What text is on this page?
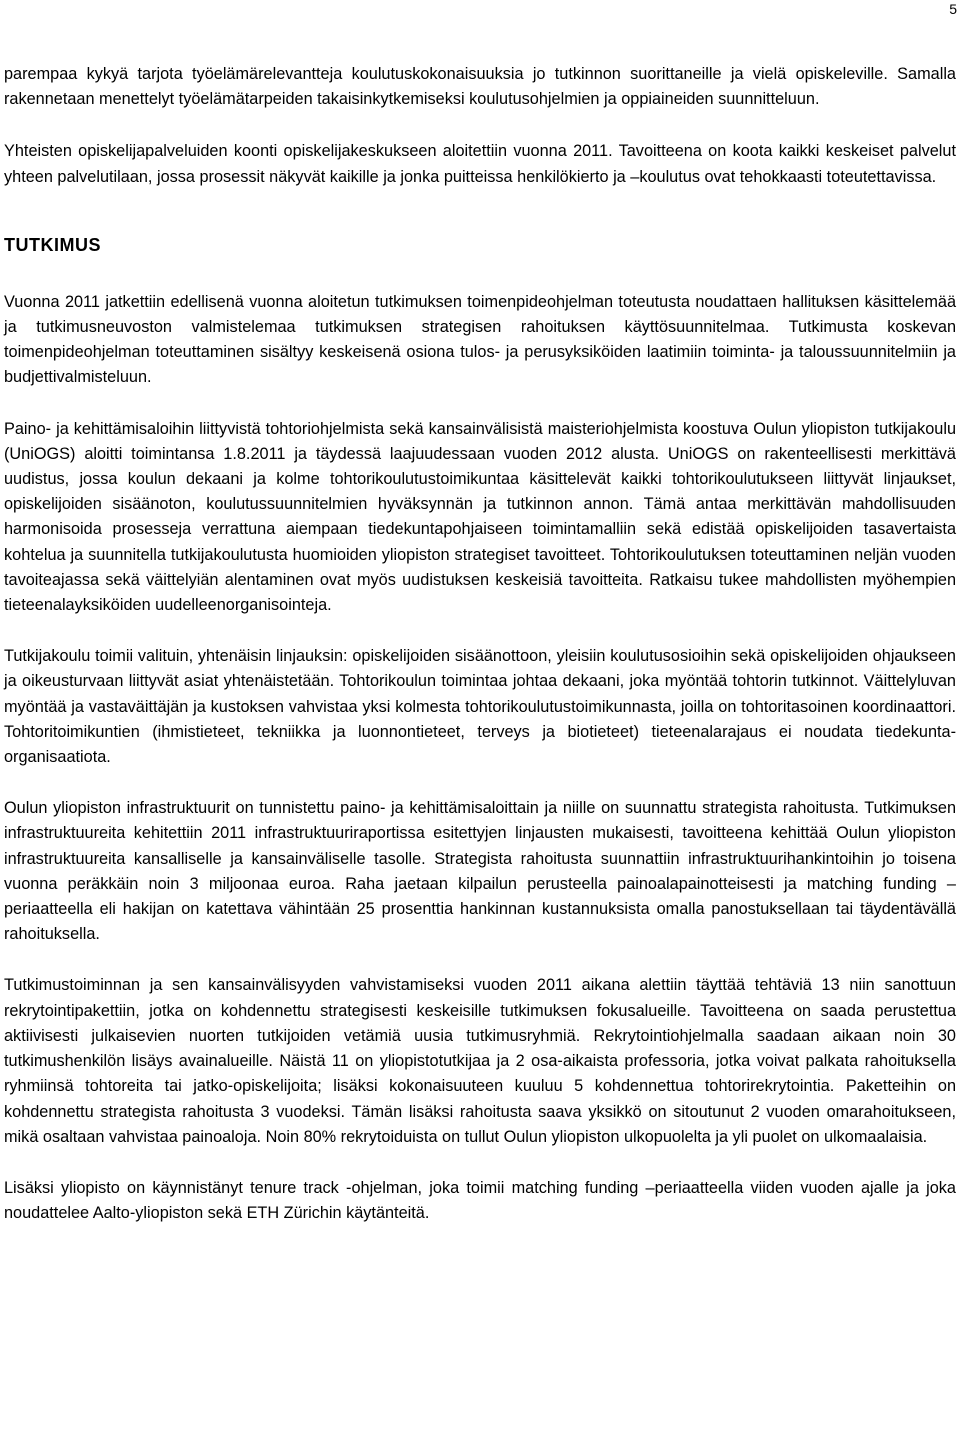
5

parempaa kykyä tarjota työelämärelevantteja koulutuskokonaisuuksia jo tutkinnon suorittaneille ja vielä opiskeleville. Samalla rakennetaan menettelyt työelämätarpeiden takaisinkytkemiseksi koulutusohjelmien ja oppiaineiden suunnitteluun.

Yhteisten opiskelijapalveluiden koonti opiskelijakeskukseen aloitettiin vuonna 2011. Tavoitteena on koota kaikki keskeiset palvelut yhteen palvelutilaan, jossa prosessit näkyvät kaikille ja jonka puitteissa henkilökierto ja –koulutus ovat tehokkaasti toteutettavissa.

TUTKIMUS

Vuonna 2011 jatkettiin edellisenä vuonna aloitetun tutkimuksen toimenpideohjelman toteutusta noudattaen hallituksen käsittelemää ja tutkimusneuvoston valmistelemaa tutkimuksen strategisen rahoituksen käyttösuunnitelmaa. Tutkimusta koskevan toimenpideohjelman toteuttaminen sisältyy keskeisenä osiona tulos- ja perusyksiköiden laatimiin toiminta- ja taloussuunnitelmiin ja budjettivalmisteluun.

Paino- ja kehittämisaloihin liittyvistä tohtoriohjelmista sekä kansainvälisistä maisteriohjelmista koostuva Oulun yliopiston tutkijakoulu (UniOGS) aloitti toimintansa 1.8.2011 ja täydessä laajuudessaan vuoden 2012 alusta. UniOGS on rakenteellisesti merkittävä uudistus, jossa koulun dekaani ja kolme tohtorikoulutustoimikuntaa käsittelevät kaikki tohtorikoulutukseen liittyvät linjaukset, opiskelijoiden sisäänoton, koulutussuunnitelmien hyväksynnän ja tutkinnon annon. Tämä antaa merkittävän mahdollisuuden harmonisoida prosesseja verrattuna aiempaan tiedekuntapohjaiseen toimintamalliin sekä edistää opiskelijoiden tasavertaista kohtelua ja suunnitella tutkijakoulutusta huomioiden yliopiston strategiset tavoitteet. Tohtorikoulutuksen toteuttaminen neljän vuoden tavoiteajassa sekä väittelyiän alentaminen ovat myös uudistuksen keskeisiä tavoitteita. Ratkaisu tukee mahdollisten myöhempien tieteenalayksiköiden uudelleenorganisointeja.

Tutkijakoulu toimii valituin, yhtenäisin linjauksin: opiskelijoiden sisäänottoon, yleisiin koulutusosioihin sekä opiskelijoiden ohjaukseen ja oikeusturvaan liittyvät asiat yhtenäistetään. Tohtorikoulun toimintaa johtaa dekaani, joka myöntää tohtorin tutkinnot. Väittelyluvan myöntää ja vastaväittäjän ja kustoksen vahvistaa yksi kolmesta tohtorikoulutustoimikunnasta, joilla on tohtoritasoinen koordinaattori. Tohtoritoimikuntien (ihmistieteet, tekniikka ja luonnontieteet, terveys ja biotieteet) tieteenalarajaus ei noudata tiedekunta-organisaatiota.

Oulun yliopiston infrastruktuurit on tunnistettu paino- ja kehittämisaloittain ja niille on suunnattu strategista rahoitusta. Tutkimuksen infrastruktuureita kehitettiin 2011 infrastruktuuriraportissa esitettyjen linjausten mukaisesti, tavoitteena kehittää Oulun yliopiston infrastruktuureita kansalliselle ja kansainväliselle tasolle. Strategista rahoitusta suunnattiin infrastruktuurihankintoihin jo toisena vuonna peräkkäin noin 3 miljoonaa euroa. Raha jaetaan kilpailun perusteella painoalapainotteisesti ja matching funding –periaatteella eli hakijan on katettava vähintään 25 prosenttia hankinnan kustannuksista omalla panostuksellaan tai täydentävällä rahoituksella.

Tutkimustoiminnan ja sen kansainvälisyyden vahvistamiseksi vuoden 2011 aikana alettiin täyttää tehtäviä 13 niin sanottuun rekrytointipakettiin, jotka on kohdennettu strategisesti keskeisille tutkimuksen fokusalueille. Tavoitteena on saada perustettua aktiivisesti julkaisevien nuorten tutkijoiden vetämiä uusia tutkimusryhmiä. Rekrytointiohjelmalla saadaan aikaan noin 30 tutkimushenkilön lisäys avainalueille. Näistä 11 on yliopistotutkijaa ja 2 osa-aikaista professoria, jotka voivat palkata rahoituksella ryhmiinsä tohtoreita tai jatko-opiskelijoita; lisäksi kokonaisuuteen kuuluu 5 kohdennettua tohtorirekrytointia. Paketteihin on kohdennettu strategista rahoitusta 3 vuodeksi. Tämän lisäksi rahoitusta saava yksikkö on sitoutunut 2 vuoden omarahoitukseen, mikä osaltaan vahvistaa painoaloja. Noin 80% rekrytoiduista on tullut Oulun yliopiston ulkopuolelta ja yli puolet on ulkomaalaisia.

Lisäksi yliopisto on käynnistänyt tenure track -ohjelman, joka toimii matching funding –periaatteella viiden vuoden ajalle ja joka noudattelee Aalto-yliopiston sekä ETH Zürichin käytänteitä.
